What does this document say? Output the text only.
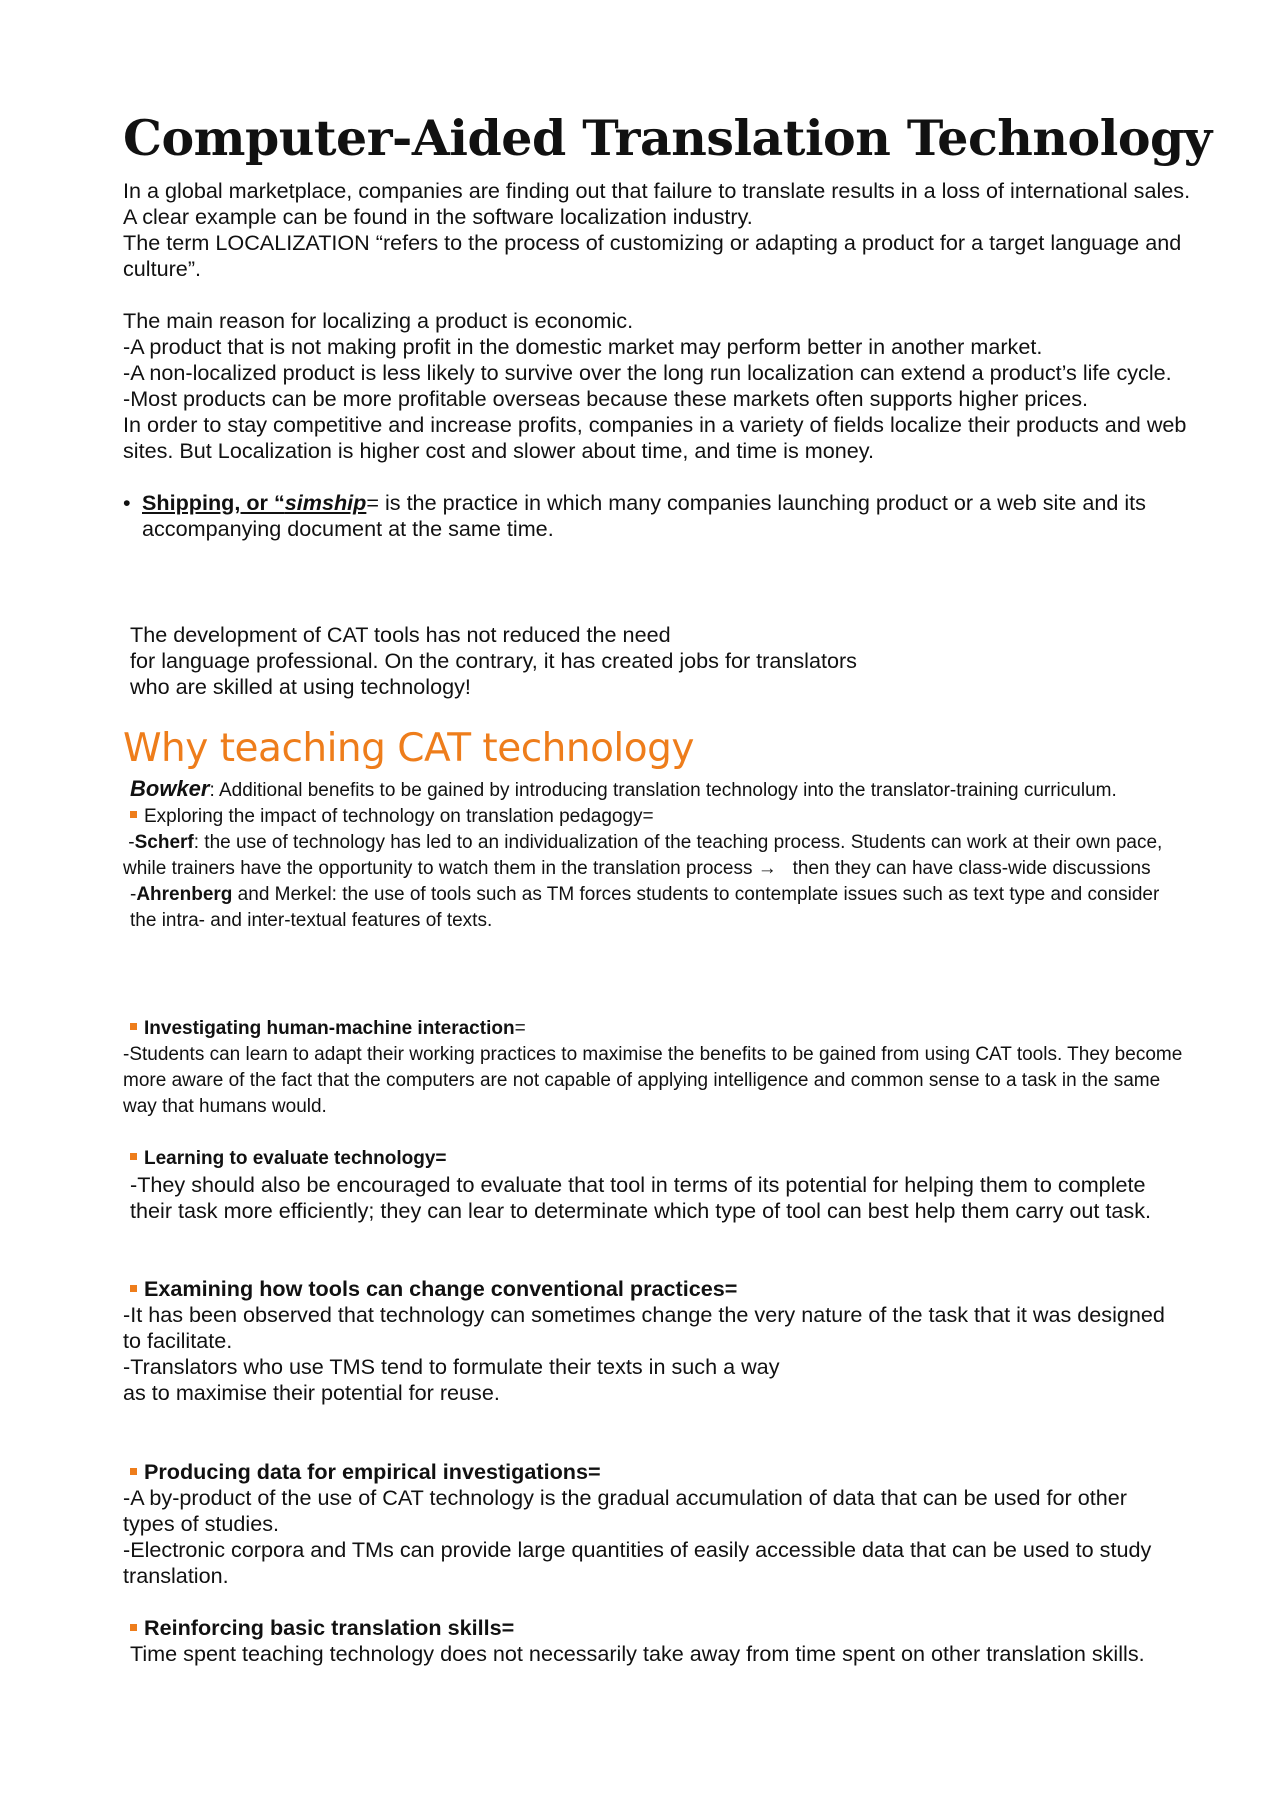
Computer-Aided Translation Technology

In a global marketplace, companies are finding out that failure to translate results in a loss of international sales. A clear example can be found in the software localization industry.

The term LOCALIZATION “refers to the process of customizing or adapting a product for a target language and culture”.

The main reason for localizing a product is economic.

-A product that is not making profit in the domestic market may perform better in another market.

-A non-localized product is less likely to survive over the long run localization can extend a product’s life cycle.

-Most products can be more profitable overseas because these markets often supports higher prices.

In order to stay competitive and increase profits, companies in a variety of fields localize their products and web sites. But Localization is higher cost and slower about time, and time is money.

• Shipping, or “simship= is the practice in which many companies launching product or a web site and its accompanying document at the same time.
The development of CAT tools has not reduced the need
for language professional. On the contrary, it has created jobs for translators
who are skilled at using technology!
Why teaching CAT technology

Bowker: Additional benefits to be gained by introducing translation technology into the translator-training curriculum.

Exploring the impact of technology on translation pedagogy=

-Scherf: the use of technology has led to an individualization of the teaching process. Students can work at their own pace, while trainers have the opportunity to watch them in the translation process → then they can have class-wide discussions

-Ahrenberg and Merkel: the use of tools such as TM forces students to contemplate issues such as text type and consider the intra- and inter-textual features of texts.

Investigating human-machine interaction=

-Students can learn to adapt their working practices to maximise the benefits to be gained from using CAT tools. They become more aware of the fact that the computers are not capable of applying intelligence and common sense to a task in the same way that humans would.

Learning to evaluate technology=

-They should also be encouraged to evaluate that tool in terms of its potential for helping them to complete their task more efficiently; they can lear to determinate which type of tool can best help them carry out task.

Examining how tools can change conventional practices=

-It has been observed that technology can sometimes change the very nature of the task that it was designed to facilitate.

-Translators who use TMS tend to formulate their texts in such a way

as to maximise their potential for reuse.

Producing data for empirical investigations=

-A by-product of the use of CAT technology is the gradual accumulation of data that can be used for other types of studies.

-Electronic corpora and TMs can provide large quantities of easily accessible data that can be used to study translation.

Reinforcing basic translation skills=

Time spent teaching technology does not necessarily take away from time spent on other translation skills.
